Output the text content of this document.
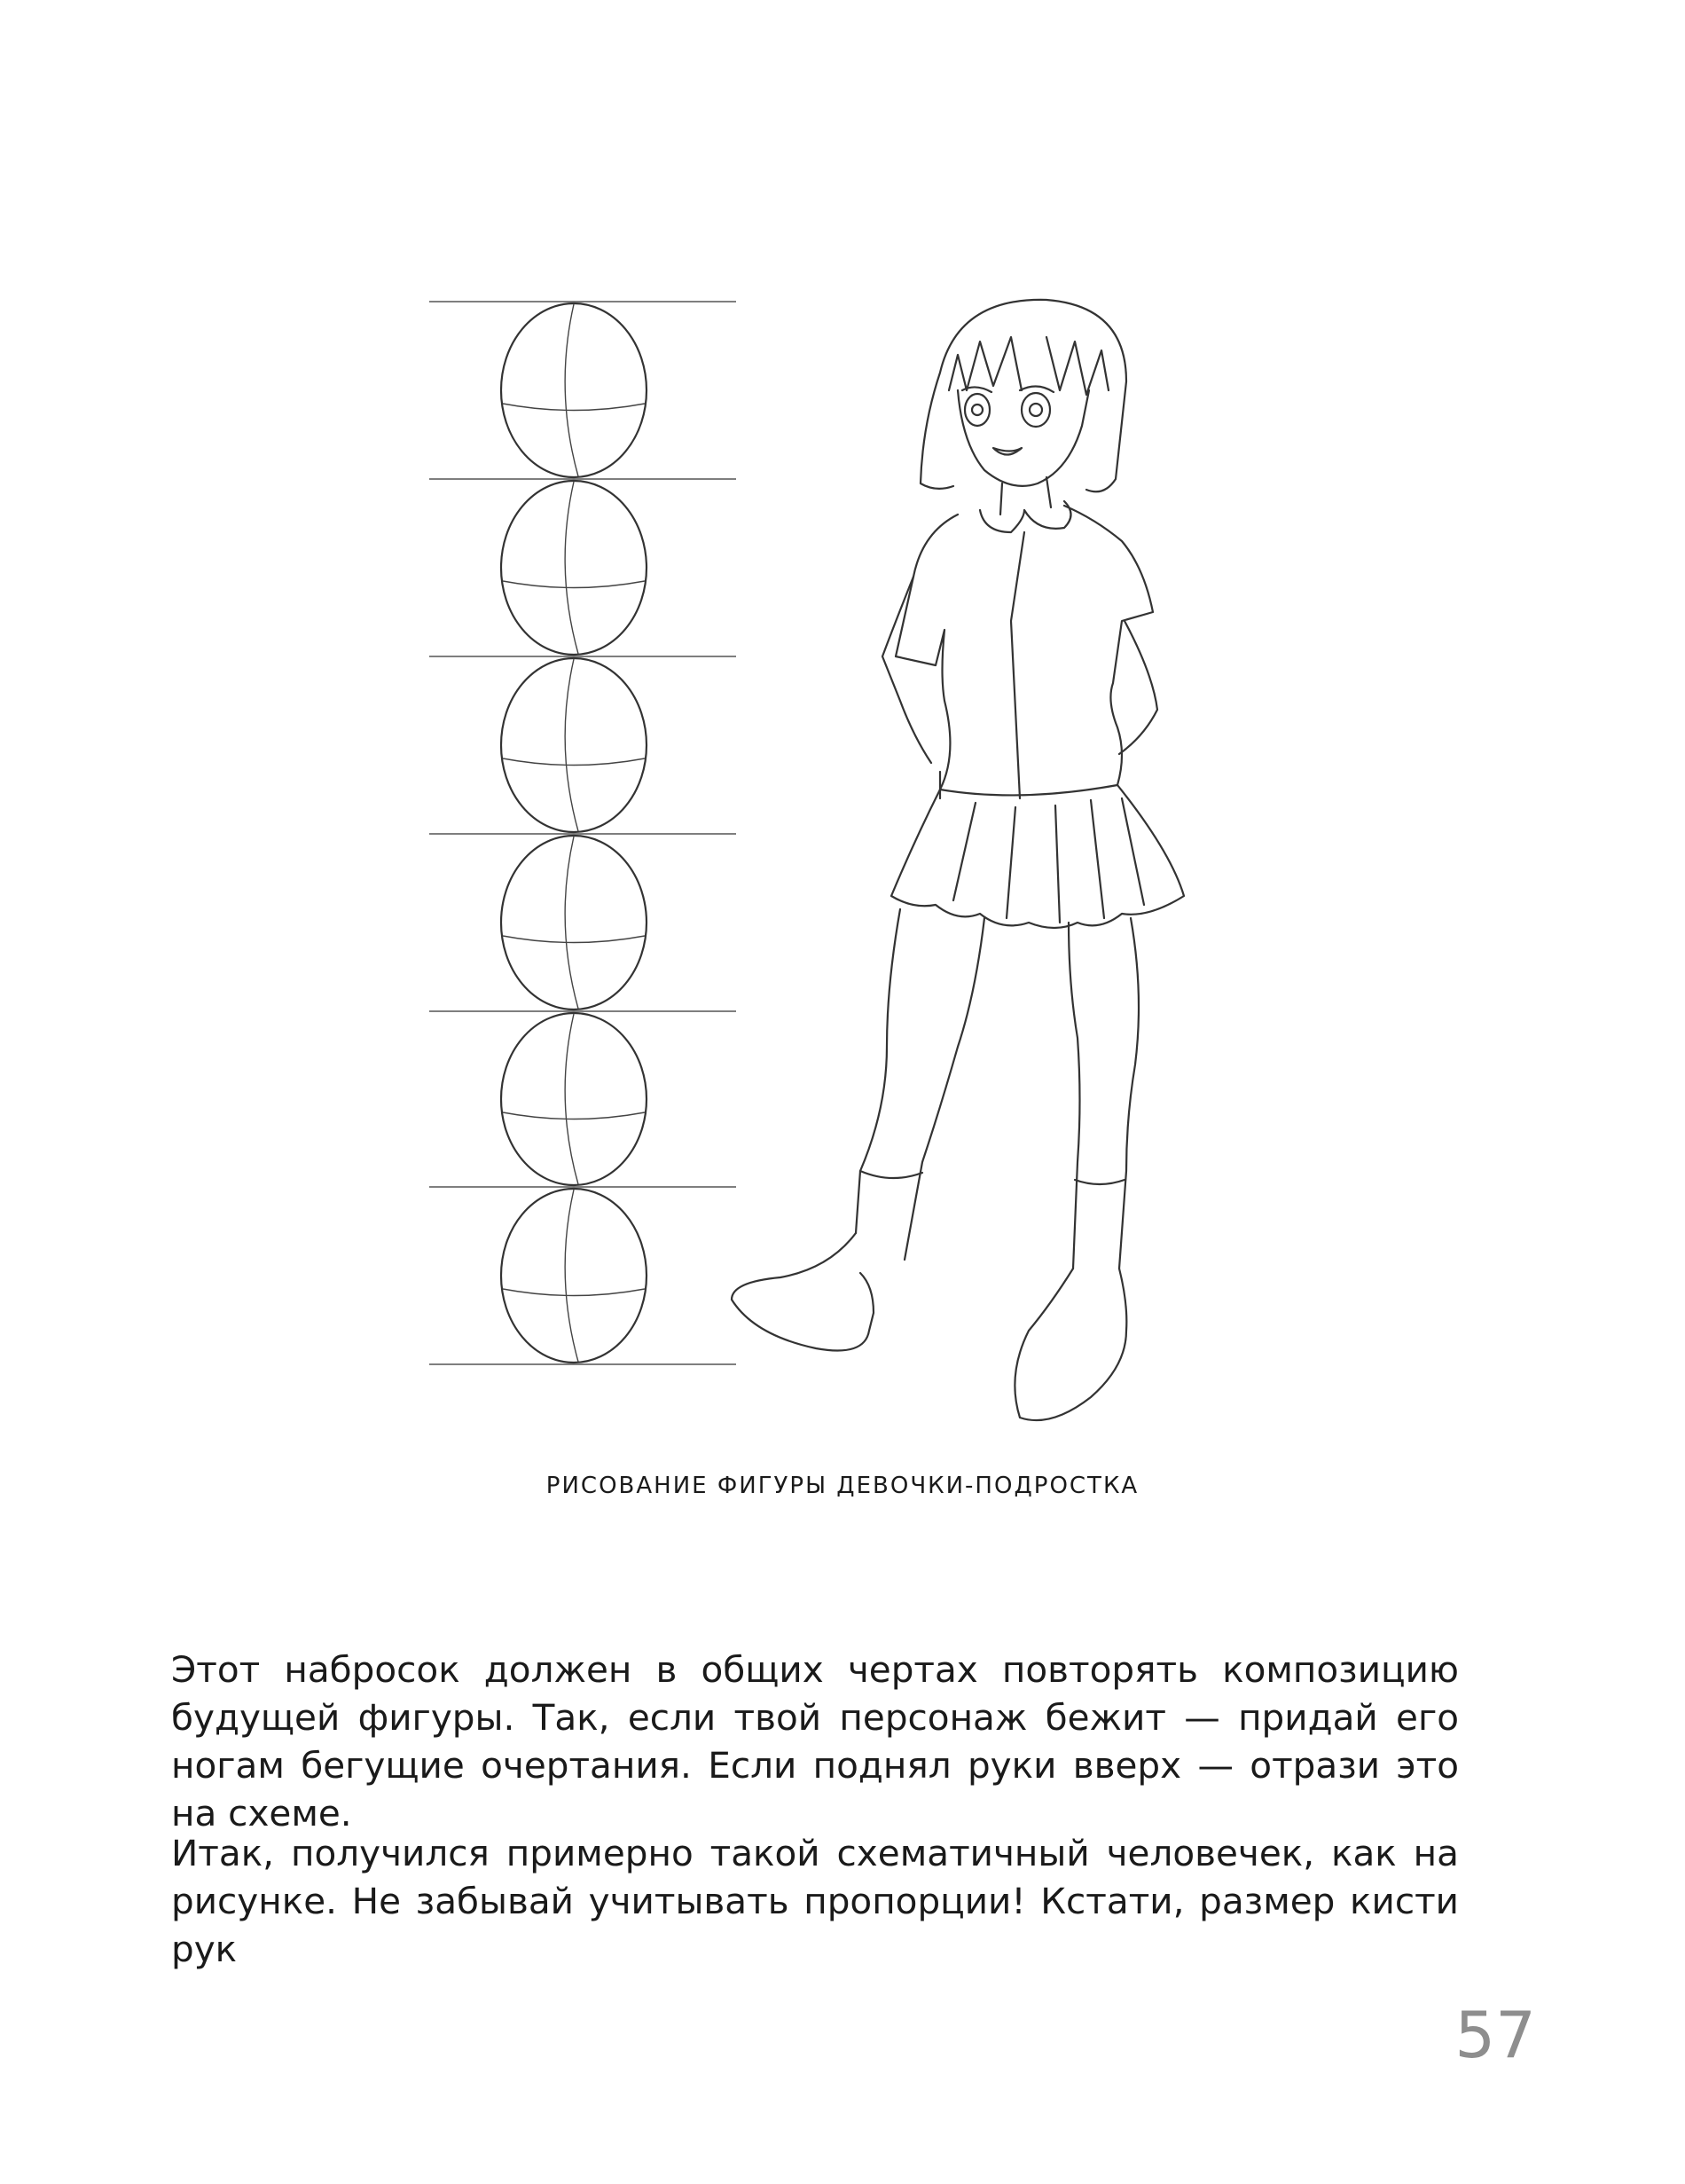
РИСОВАНИЕ ФИГУРЫ ДЕВОЧКИ-ПОДРОСТКА

Этот набросок должен в общих чертах повторять композицию будущей фигуры. Так, если твой персонаж бежит — придай его ногам бегущие очертания. Если поднял руки вверх — отрази это на схеме.

Итак, получился примерно такой схематичный человечек, как на рисунке. Не забывай учитывать пропорции! Кстати, размер кисти рук

57
